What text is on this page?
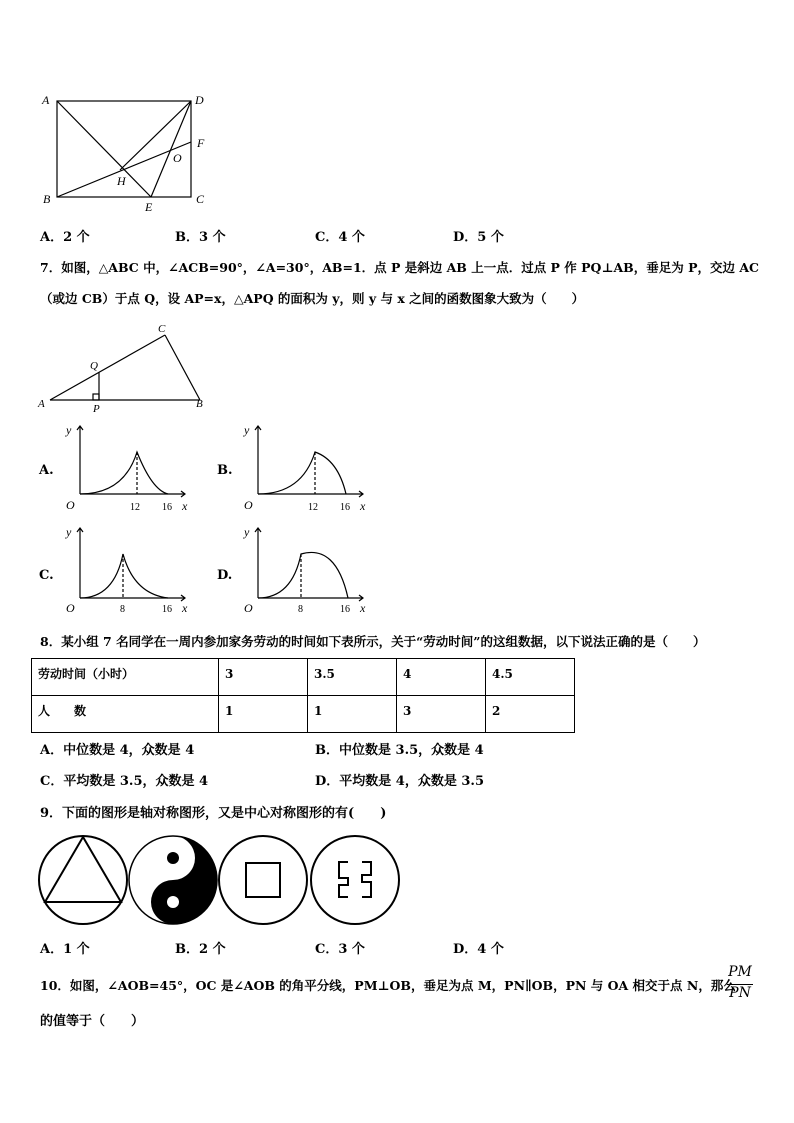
A	D
F
O
B
H
E
C
A．2 个	B．3 个	C．4 个	D．5 个
7．如图，△ABC 中，∠ACB=90°，∠A=30°，AB=1．点 P 是斜边 AB 上一点．过点 P 作 PQ⊥AB，垂足为 P，交边 AC
（或边 CB）于点 Q，设 AP=x，△APQ 的面积为 y，则 y 与 x 之间的函数图象大致为（　　）
A	B
C
P
Q
A.	B.
C.	D.
y
O	x
12 16
y
O	x
12 16
y
O	x
8	16
y
O	x
8	16
8．某小组 7 名同学在一周内参加家务劳动的时间如下表所示，关于“劳动时间”的这组数据，以下说法正确的是（　　）
劳动时间（小时）	3	3.5	4	4.5
人　　数	1	1	3	2
A．中位数是 4，众数是 4	B．中位数是 3.5，众数是 4
C．平均数是 3.5，众数是 4	D．平均数是 4，众数是 3.5
9．下面的图形是轴对称图形，又是中心对称图形的有(　　)
A．1 个	B．2 个	C．3 个	D．4 个
10．如图，∠AOB=45°，OC 是∠AOB 的角平分线，PM⊥OB，垂足为点 M，PN∥OB，PN 与 OA 相交于点 N，那么
PM
PN
的值等于（　　）
